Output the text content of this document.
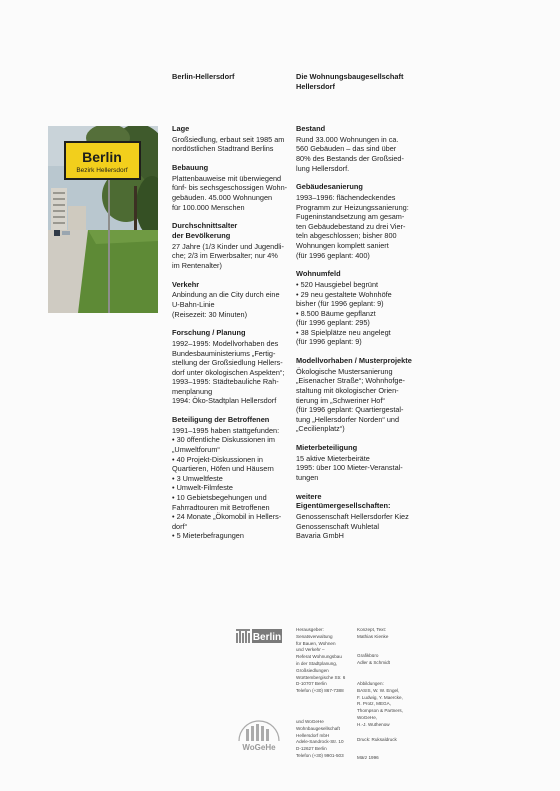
Berlin-Hellersdorf
Lage
Großsiedlung, erbaut seit 1985 am
nordöstlichen Stadtrand Berlins
Bebauung
Plattenbauweise mit überwiegend
fünf- bis sechsgeschossigen Wohn-
gebäuden. 45.000 Wohnungen
für 100.000 Menschen
Durchschnittsalter
der Bevölkerung
27 Jahre (1/3 Kinder und Jugendli-
che; 2/3 im Erwerbsalter; nur 4%
im Rentenalter)
Verkehr
Anbindung an die City durch eine
U-Bahn-Linie
(Reisezeit: 30 Minuten)
Forschung / Planung
1992–1995: Modellvorhaben des
Bundesbauministeriums „Fertig-
stellung der Großsiedlung Hellers-
dorf unter ökologischen Aspekten“;
1993–1995: Städtebauliche Rah-
menplanung
1994: Öko-Stadtplan Hellersdorf
Beteiligung der Betroffenen
1991–1995 haben stattgefunden:
• 30 öffentliche Diskussionen im
„Umweltforum“
• 40 Projekt-Diskussionen in
Quartieren, Höfen und Häusern
• 3 Umweltfeste
• Umwelt-Filmfeste
• 10 Gebietsbegehungen und
Fahrradtouren mit Betroffenen
• 24 Monate „Ökomobil in Hellers-
dorf“
• 5 Mieterbefragungen
Die Wohnungsbaugesellschaft
Hellersdorf
Bestand
Rund 33.000 Wohnungen in ca.
560 Gebäuden – das sind über
80% des Bestands der Großsied-
lung Hellersdorf.
Gebäudesanierung
1993–1996: flächendeckendes
Programm zur Heizungssanierung:
Fugeninstandsetzung am gesam-
ten Gebäudebestand zu drei Vier-
teln abgeschlossen; bisher 800
Wohnungen komplett saniert
(für 1996 geplant: 400)
Wohnumfeld
• 520 Hausgiebel begrünt
• 29 neu gestaltete Wohnhöfe
bisher (für 1996 geplant: 9)
• 8.500 Bäume gepflanzt
(für 1996 geplant: 295)
• 38 Spielplätze neu angelegt
(für 1996 geplant: 9)
Modellvorhaben / Musterprojekte
Ökologische Mustersanierung
„Eisenacher Straße“; Wohnhofge-
staltung mit ökologischer Orien-
tierung im „Schweriner Hof“
(für 1996 geplant: Quartiergestal-
tung „Hellersdorfer Norden“ und
„Cecilienplatz“)
Mieterbeteiligung
15 aktive Mieterbeiräte
1995: über 100 Mieter-Veranstal-
tungen
weitere
Eigentümergesellschaften:
Genossenschaft Hellersdorfer Kiez
Genossenschaft Wuhletal
Bavaria GmbH
Berlin
Bezirk Hellersdorf
Berlin
WoGeHe
Herausgeber:
Senatsverwaltung
für Bauen, Wohnen
und Verkehr –
Referat Wohnungsbau
in der Stadtplanung,
Großsiedlungen
Württembergische Str. 6
D-10707 Berlin
Telefon (+30) 867-7388
und WoGeHe
Wohnbaugesellschaft
Hellersdorf mbH
Adele-Sandrock-Str. 10
D-12627 Berlin
Telefon (+30) 9901-503
Konzept, Text:
Mathias Kienke
Grafikbüro
Adler & Schmidt
Abbildungen:
BASIS, W. W. Engel,
F. Ludwig, Y. Maercke,
R. Protz, MEGA,
Thompson & Partners,
WoGeHe,
H.-J. Wuthenow
Druck: Ruksaldruck
März 1996
